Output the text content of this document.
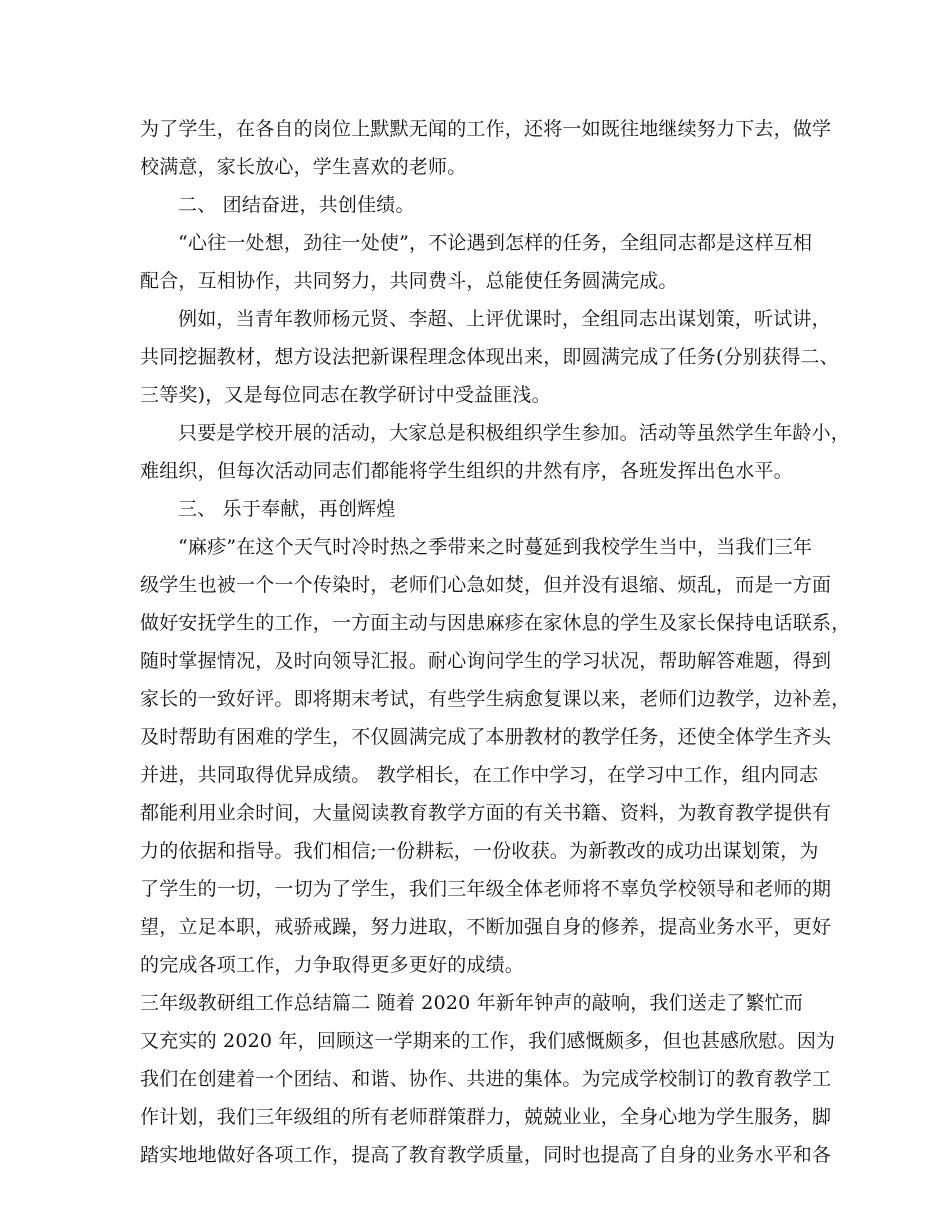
为了学生，在各自的岗位上默默无闻的工作，还将一如既往地继续努力下去，做学
校满意，家长放心，学生喜欢的老师。
二、 团结奋进，共创佳绩。
“心往一处想，劲往一处使”，不论遇到怎样的任务，全组同志都是这样互相
配合，互相协作，共同努力，共同费斗，总能使任务圆满完成。
例如，当青年教师杨元贤、李超、上评优课时，全组同志出谋划策，听试讲，
共同挖掘教材，想方设法把新课程理念体现出来，即圆满完成了任务(分别获得二、
三等奖)，又是每位同志在教学研讨中受益匪浅。
只要是学校开展的活动，大家总是积极组织学生参加。活动等虽然学生年龄小，
难组织，但每次活动同志们都能将学生组织的井然有序，各班发挥出色水平。
三、 乐于奉献，再创辉煌
“麻疹”在这个天气时冷时热之季带来之时蔓延到我校学生当中，当我们三年
级学生也被一个一个传染时，老师们心急如焚，但并没有退缩、烦乱，而是一方面
做好安抚学生的工作，一方面主动与因患麻疹在家休息的学生及家长保持电话联系，
随时掌握情况，及时向领导汇报。耐心询问学生的学习状况，帮助解答难题，得到
家长的一致好评。即将期末考试，有些学生病愈复课以来，老师们边教学，边补差，
及时帮助有困难的学生，不仅圆满完成了本册教材的教学任务，还使全体学生齐头
并进，共同取得优异成绩。 教学相长，在工作中学习，在学习中工作，组内同志
都能利用业余时间，大量阅读教育教学方面的有关书籍、资料，为教育教学提供有
力的依据和指导。我们相信;一份耕耘，一份收获。为新教改的成功出谋划策，为
了学生的一切，一切为了学生，我们三年级全体老师将不辜负学校领导和老师的期
望，立足本职，戒骄戒躁，努力进取，不断加强自身的修养，提高业务水平，更好
的完成各项工作，力争取得更多更好的成绩。
三年级教研组工作总结篇二 随着 2020 年新年钟声的敲响，我们送走了繁忙而
又充实的 2020 年，回顾这一学期来的工作，我们感慨颇多，但也甚感欣慰。因为
我们在创建着一个团结、和谐、协作、共进的集体。为完成学校制订的教育教学工
作计划，我们三年级组的所有老师群策群力，兢兢业业，全身心地为学生服务，脚
踏实地地做好各项工作，提高了教育教学质量，同时也提高了自身的业务水平和各
